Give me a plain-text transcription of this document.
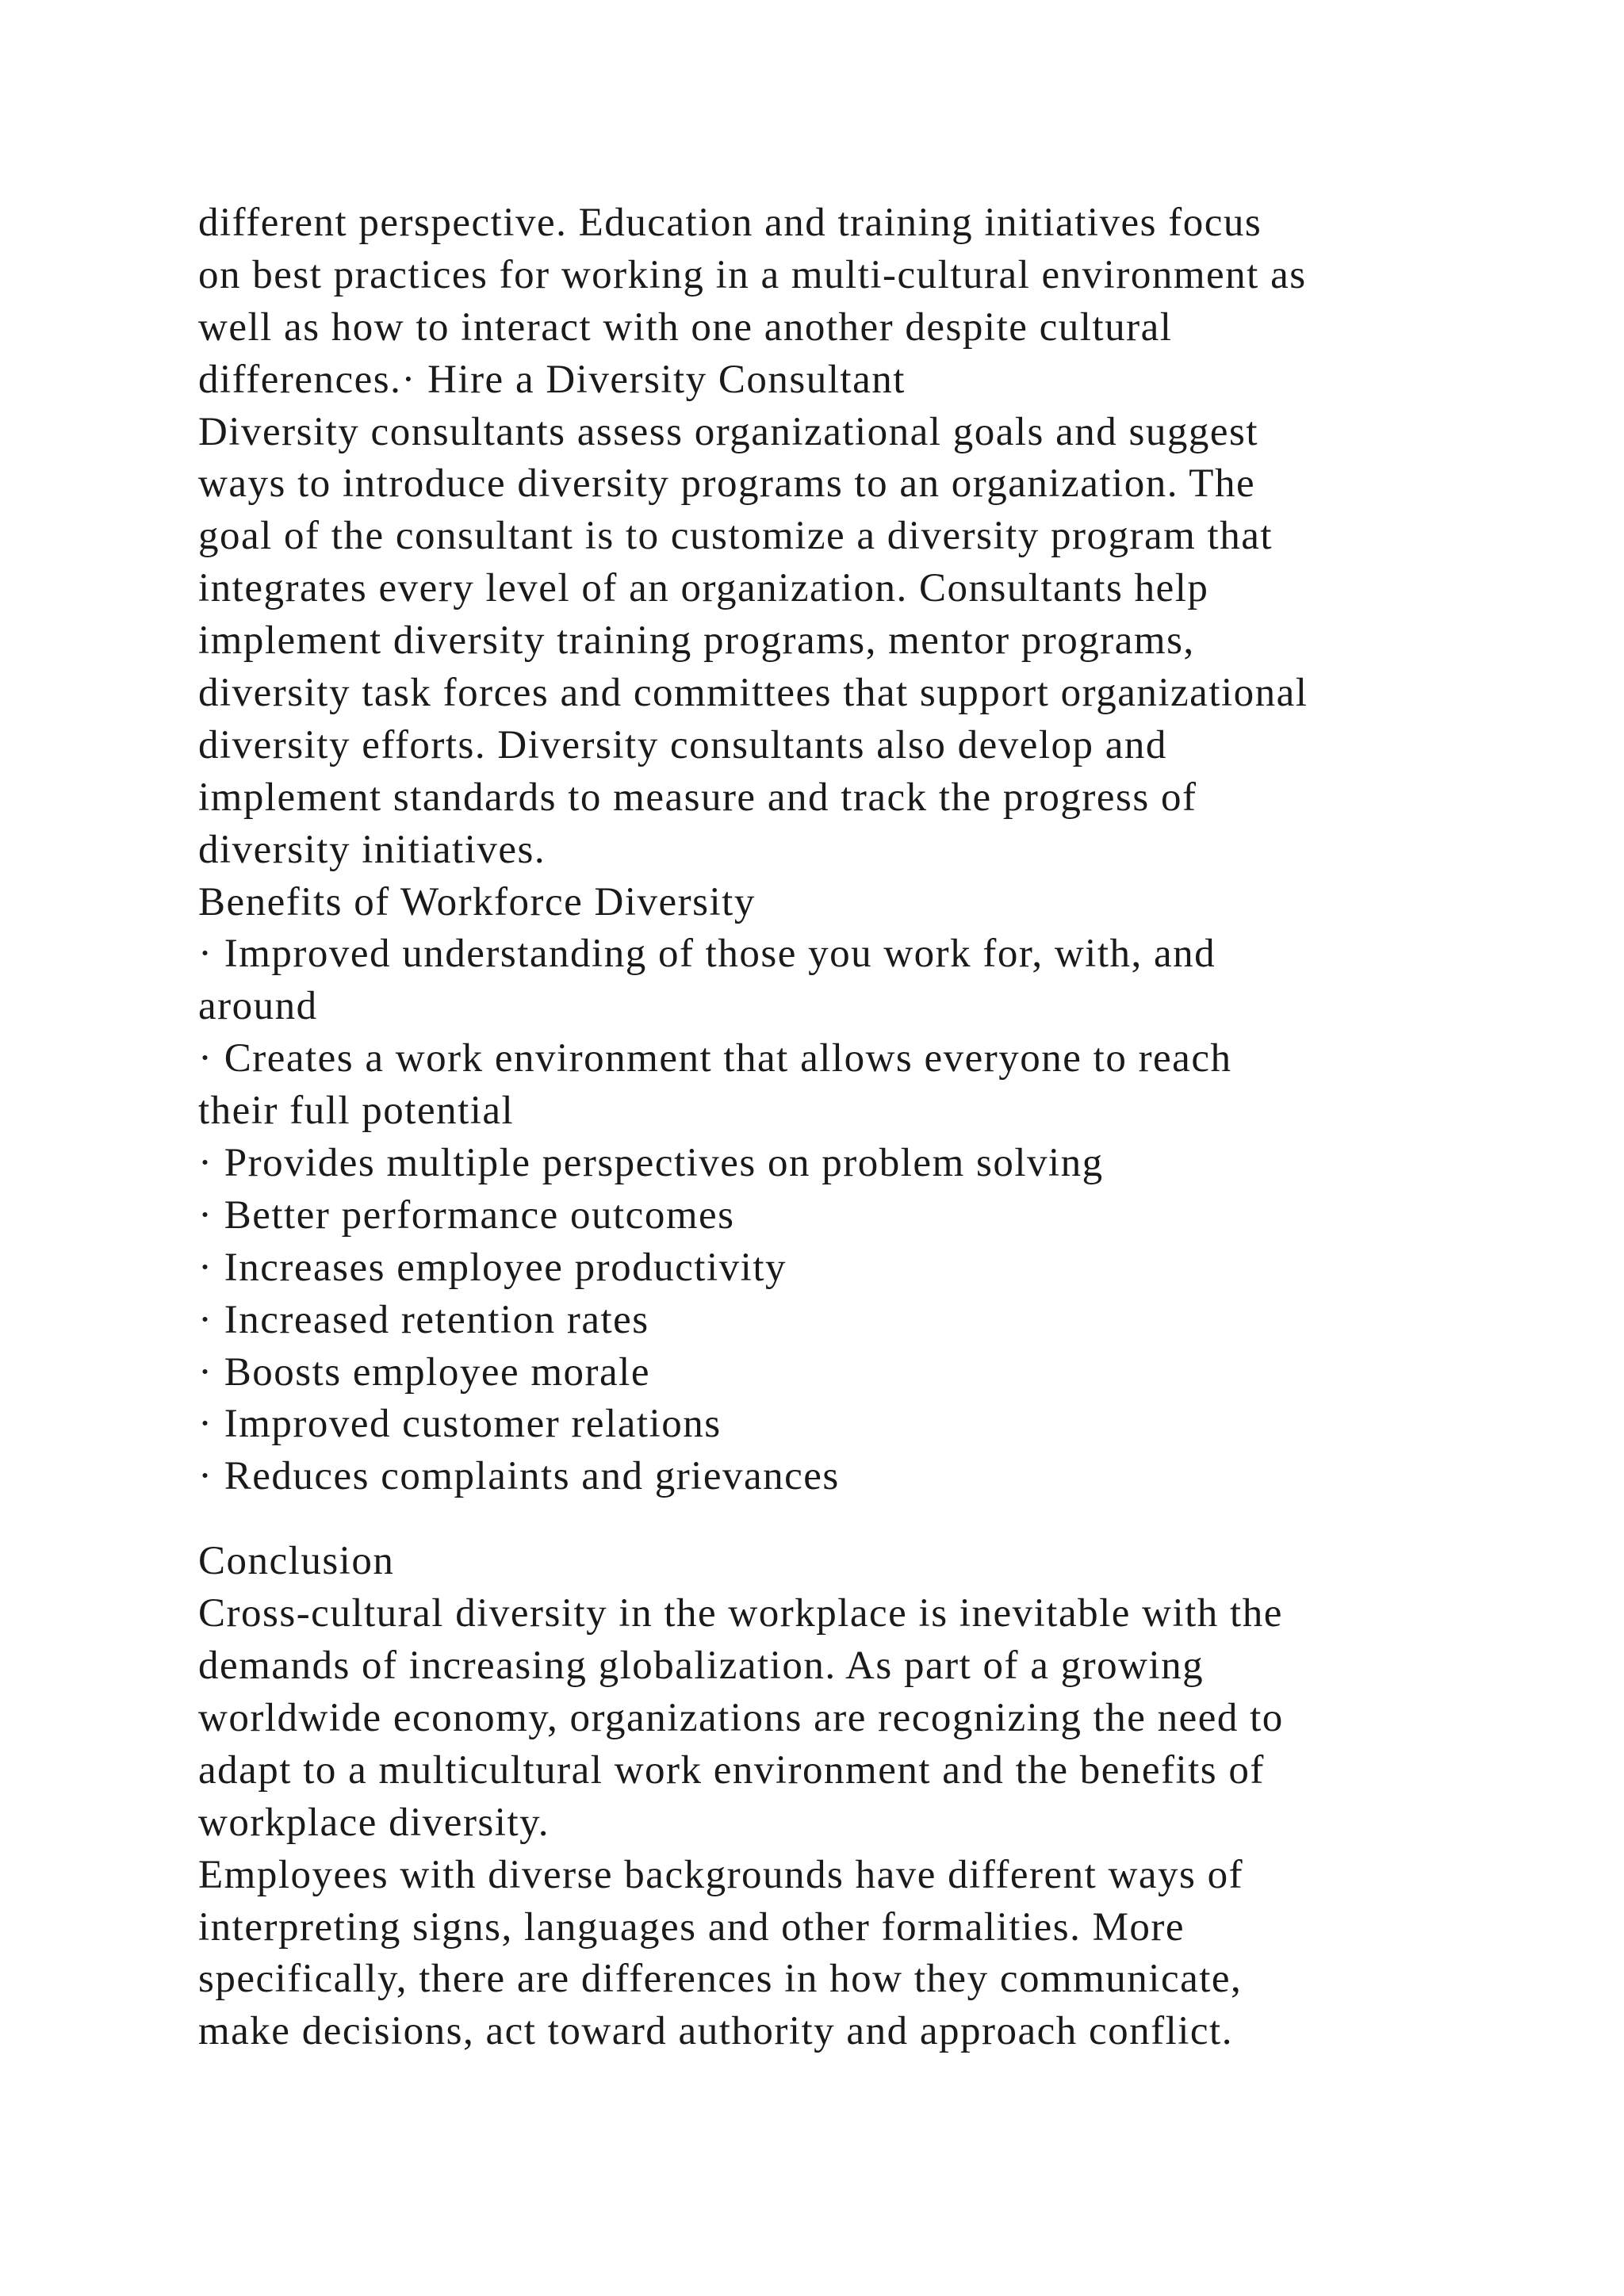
different perspective. Education and training initiatives focus
on best practices for working in a multi-cultural environment as
well as how to interact with one another despite cultural
differences.· Hire a Diversity Consultant
Diversity consultants assess organizational goals and suggest
ways to introduce diversity programs to an organization. The
goal of the consultant is to customize a diversity program that
integrates every level of an organization. Consultants help
implement diversity training programs, mentor programs,
diversity task forces and committees that support organizational
diversity efforts. Diversity consultants also develop and
implement standards to measure and track the progress of
diversity initiatives.
Benefits of Workforce Diversity
· Improved understanding of those you work for, with, and
around
· Creates a work environment that allows everyone to reach
their full potential
· Provides multiple perspectives on problem solving
· Better performance outcomes
· Increases employee productivity
· Increased retention rates
· Boosts employee morale
· Improved customer relations
· Reduces complaints and grievances
Conclusion
Cross-cultural diversity in the workplace is inevitable with the
demands of increasing globalization. As part of a growing
worldwide economy, organizations are recognizing the need to
adapt to a multicultural work environment and the benefits of
workplace diversity.
Employees with diverse backgrounds have different ways of
interpreting signs, languages and other formalities. More
specifically, there are differences in how they communicate,
make decisions, act toward authority and approach conflict.
